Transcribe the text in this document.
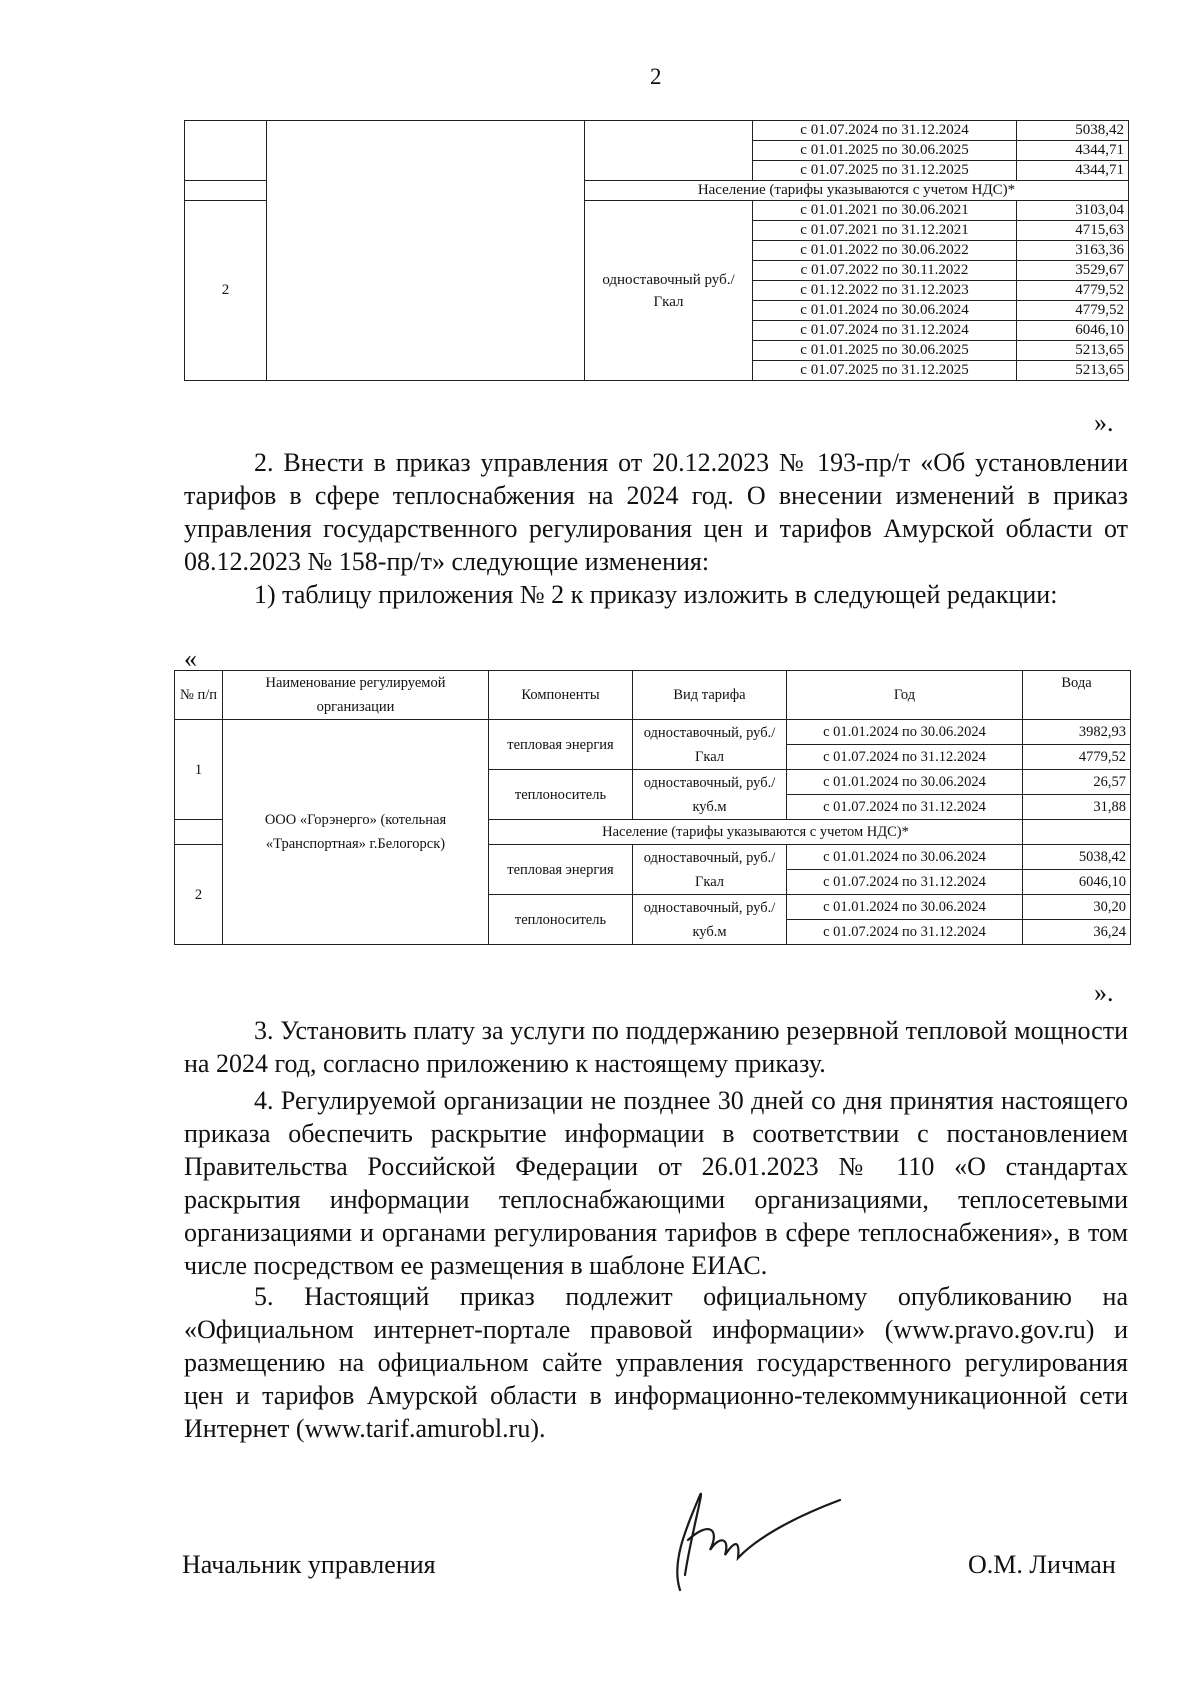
2
			с 01.07.2024 по 31.12.2024	5038,42
			с 01.01.2025 по 30.06.2025	4344,71
			с 01.07.2025 по 31.12.2025	4344,71
		Население (тарифы указываются с учетом НДС)*		
2		одноставочный руб./Гкал	с 01.01.2021 по 30.06.2021	3103,04
			с 01.07.2021 по 31.12.2021	4715,63
			с 01.01.2022 по 30.06.2022	3163,36
			с 01.07.2022 по 30.11.2022	3529,67
			с 01.12.2022 по 31.12.2023	4779,52
			с 01.01.2024 по 30.06.2024	4779,52
			с 01.07.2024 по 31.12.2024	6046,10
			с 01.01.2025 по 30.06.2025	5213,65
			с 01.07.2025 по 31.12.2025	5213,65
».
2. Внести в приказ управления от 20.12.2023 № 193-пр/т «Об установлении тарифов в сфере теплоснабжения на 2024 год. О внесении изменений в приказ управления государственного регулирования цен и тарифов Амурской области от 08.12.2023 № 158-пр/т» следующие изменения:
1) таблицу приложения № 2 к приказу изложить в следующей редакции:
«
№ п/п	Наименование регулируемой организации	Компоненты	Вид тарифа	Год	Вода
1	ООО «Горэнерго» (котельная «Транспортная» г.Белогорск)	тепловая энергия	одноставочный, руб./Гкал	с 01.01.2024 по 30.06.2024	3982,93
				с 01.07.2024 по 31.12.2024	4779,52
		теплоноситель	одноставочный, руб./куб.м	с 01.01.2024 по 30.06.2024	26,57
				с 01.07.2024 по 31.12.2024	31,88
		Население (тарифы указываются с учетом НДС)*			
2		тепловая энергия	одноставочный, руб./Гкал	с 01.01.2024 по 30.06.2024	5038,42
				с 01.07.2024 по 31.12.2024	6046,10
		теплоноситель	одноставочный, руб./куб.м	с 01.01.2024 по 30.06.2024	30,20
				с 01.07.2024 по 31.12.2024	36,24
».
3. Установить плату за услуги по поддержанию резервной тепловой мощности на 2024 год, согласно приложению к настоящему приказу.
4. Регулируемой организации не позднее 30 дней со дня принятия настоящего приказа обеспечить раскрытие информации в соответствии с постановлением Правительства Российской Федерации от 26.01.2023 № 110 «О стандартах раскрытия информации теплоснабжающими организациями, теплосетевыми организациями и органами регулирования тарифов в сфере теплоснабжения», в том числе посредством ее размещения в шаблоне ЕИАС.
5. Настоящий приказ подлежит официальному опубликованию на «Официальном интернет-портале правовой информации» (www.pravo.gov.ru) и размещению на официальном сайте управления государственного регулирования цен и тарифов Амурской области в информационно-телекоммуникационной сети Интернет (www.tarif.amurobl.ru).
Начальник управления	О.М. Личман
